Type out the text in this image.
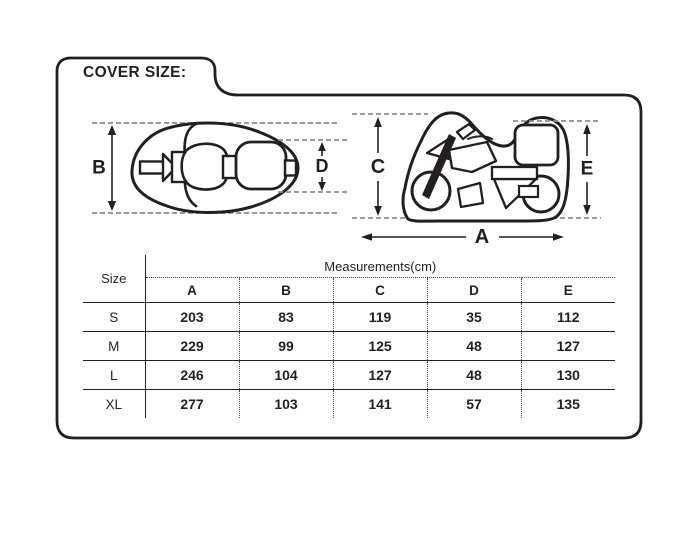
COVER SIZE:
B	D C	E
A
Size	Measurements(cm)				
	A	B	C	D	E
S	203	83	119	35	112
M	229	99	125	48	127
L	246	104	127	48	130
XL	277	103	141	57	135
